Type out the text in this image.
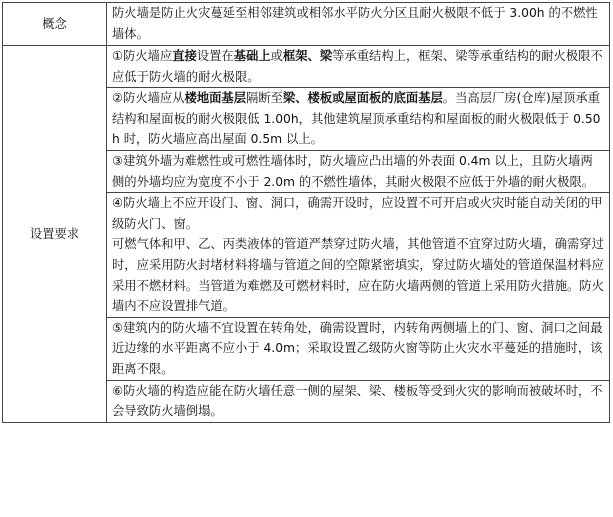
概念	防火墙是防止火灾蔓延至相邻建筑或相邻水平防火分区且耐火极限不低于 3.00h 的不燃性墙体。
设置要求	①防火墙应直接设置在基础上或框架、梁等承重结构上，框架、梁等承重结构的耐火极限不应低于防火墙的耐火极限。
	②防火墙应从楼地面基层隔断至梁、楼板或屋面板的底面基层。当高层厂房(仓库)屋顶承重结构和屋面板的耐火极限低 1.00h，其他建筑屋顶承重结构和屋面板的耐火极限低于 0.50h 时，防火墙应高出屋面 0.5m 以上。
	③建筑外墙为难燃性或可燃性墙体时，防火墙应凸出墙的外表面 0.4m 以上，且防火墙两侧的外墙均应为宽度不小于 2.0m 的不燃性墙体，其耐火极限不应低于外墙的耐火极限。

	④防火墙上不应开设门、窗、洞口，确需开设时，应设置不可开启或火灾时能自动关闭的甲级防火门、窗。
可燃气体和甲、乙、丙类液体的管道严禁穿过防火墙，其他管道不宜穿过防火墙，确需穿过时，应采用防火封堵材料将墙与管道之间的空隙紧密填实，穿过防火墙处的管道保温材料应采用不燃材料。当管道为难燃及可燃材料时，应在防火墙两侧的管道上采用防火措施。防火墙内不应设置排气道。

	⑤建筑内的防火墙不宜设置在转角处，确需设置时，内转角两侧墙上的门、窗、洞口之间最近边缘的水平距离不应小于 4.0m；采取设置乙级防火窗等防止火灾水平蔓延的措施时，该距离不限。
	⑥防火墙的构造应能在防火墙任意一侧的屋架、梁、楼板等受到火灾的影响而被破坏时，不会导致防火墙倒塌。
